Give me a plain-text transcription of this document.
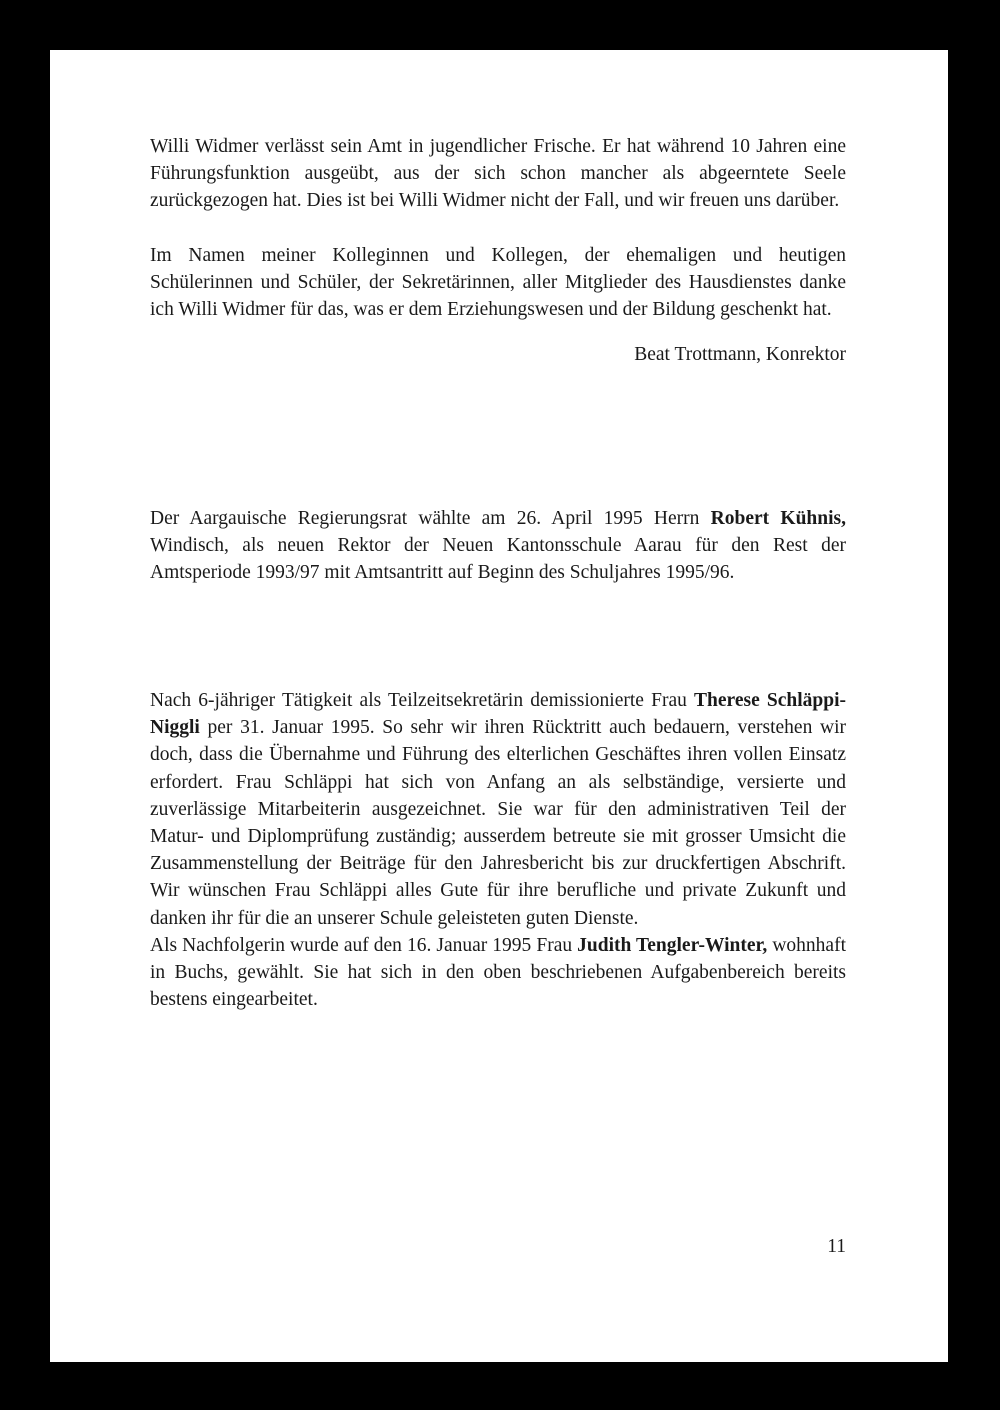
Willi Widmer verlässt sein Amt in jugendlicher Frische. Er hat während 10 Jahren eine Führungsfunktion ausgeübt, aus der sich schon mancher als abgeerntete Seele zurückgezogen hat. Dies ist bei Willi Widmer nicht der Fall, und wir freuen uns darüber.

Im Namen meiner Kolleginnen und Kollegen, der ehemaligen und heutigen Schülerinnen und Schüler, der Sekretärinnen, aller Mitglieder des Hausdienstes danke ich Willi Widmer für das, was er dem Erziehungswesen und der Bildung geschenkt hat.

Beat Trottmann, Konrektor

Der Aargauische Regierungsrat wählte am 26. April 1995 Herrn Robert Kühnis, Windisch, als neuen Rektor der Neuen Kantonsschule Aarau für den Rest der Amtsperiode 1993/97 mit Amtsantritt auf Beginn des Schuljahres 1995/96.

Nach 6-jähriger Tätigkeit als Teilzeitsekretärin demissionierte Frau Therese Schläppi-Niggli per 31. Januar 1995. So sehr wir ihren Rücktritt auch bedauern, verstehen wir doch, dass die Übernahme und Führung des elterlichen Geschäftes ihren vollen Einsatz erfordert. Frau Schläppi hat sich von Anfang an als selbständige, versierte und zuverlässige Mitarbeiterin ausgezeichnet. Sie war für den administrativen Teil der Matur- und Diplomprüfung zuständig; ausserdem betreute sie mit grosser Umsicht die Zusammenstellung der Beiträge für den Jahresbericht bis zur druckfertigen Abschrift. Wir wünschen Frau Schläppi alles Gute für ihre berufliche und private Zukunft und danken ihr für die an unserer Schule geleisteten guten Dienste.

Als Nachfolgerin wurde auf den 16. Januar 1995 Frau Judith Tengler-Winter, wohnhaft in Buchs, gewählt. Sie hat sich in den oben beschriebenen Aufgabenbereich bereits bestens eingearbeitet.

11
